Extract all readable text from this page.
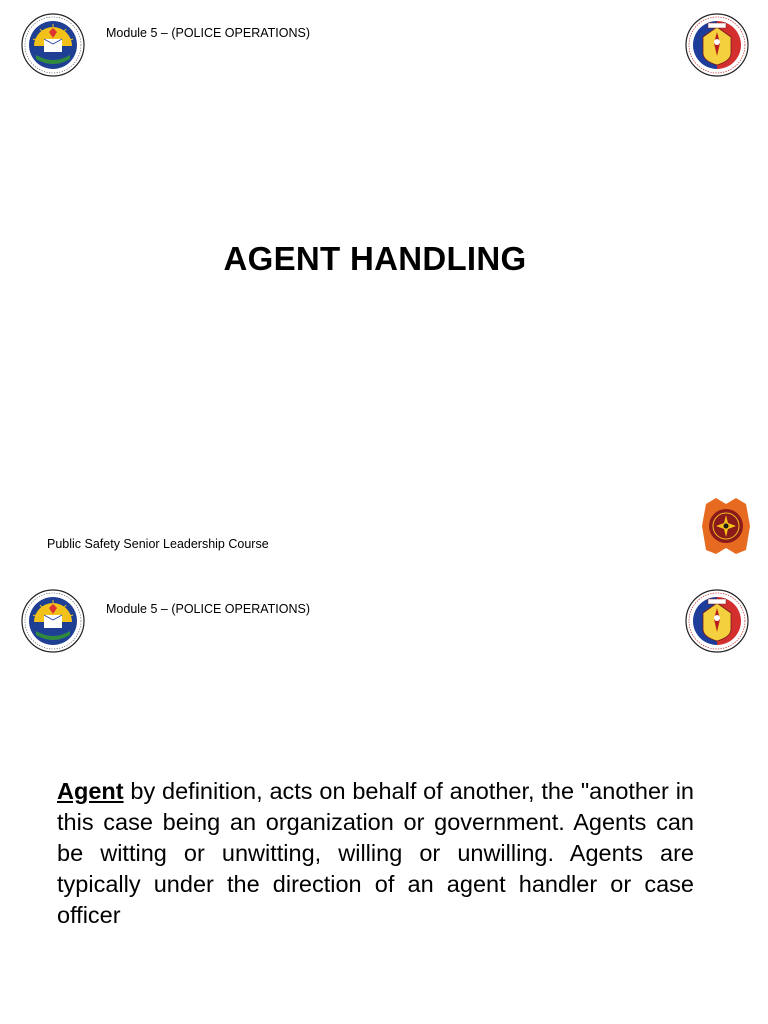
Module 5 – (POLICE OPERATIONS)
AGENT HANDLING
Public Safety Senior Leadership Course
Module 5 – (POLICE OPERATIONS)

Agent by definition, acts on behalf of another, the "another in this case being an organization or government. Agents can be witting or unwitting, willing or unwilling. Agents are typically under the direction of an agent handler or case officer
